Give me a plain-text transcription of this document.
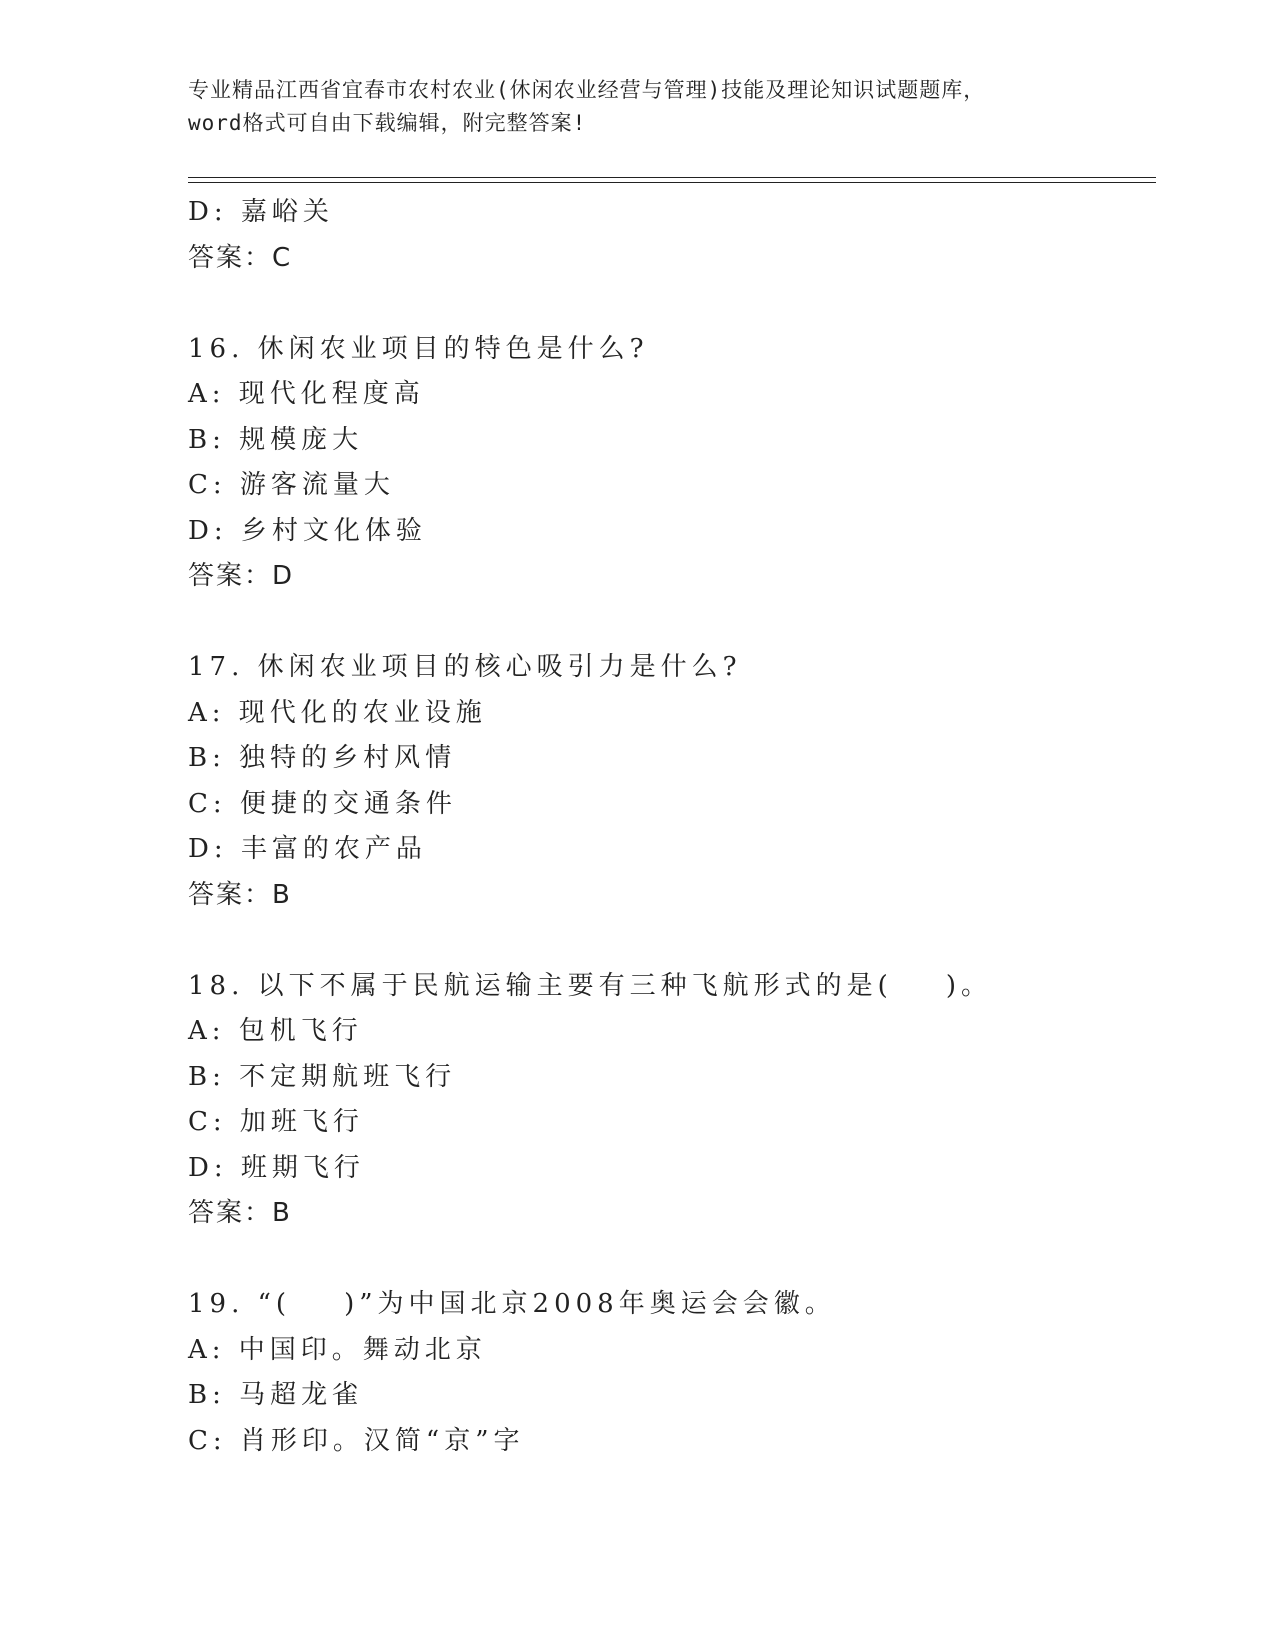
专业精品江西省宜春市农村农业(休闲农业经营与管理)技能及理论知识试题题库，
word格式可自由下载编辑，附完整答案!
D: 嘉峪关
答案：C
16. 休闲农业项目的特色是什么?
A: 现代化程度高
B: 规模庞大
C: 游客流量大
D: 乡村文化体验
答案：D
17. 休闲农业项目的核心吸引力是什么?
A: 现代化的农业设施
B: 独特的乡村风情
C: 便捷的交通条件
D: 丰富的农产品
答案：B
18. 以下不属于民航运输主要有三种飞航形式的是(    )。
A: 包机飞行
B: 不定期航班飞行
C: 加班飞行
D: 班期飞行
答案：B
19. “(    )”为中国北京2008年奥运会会徽。
A: 中国印。舞动北京
B: 马超龙雀
C: 肖形印。汉简“京”字
